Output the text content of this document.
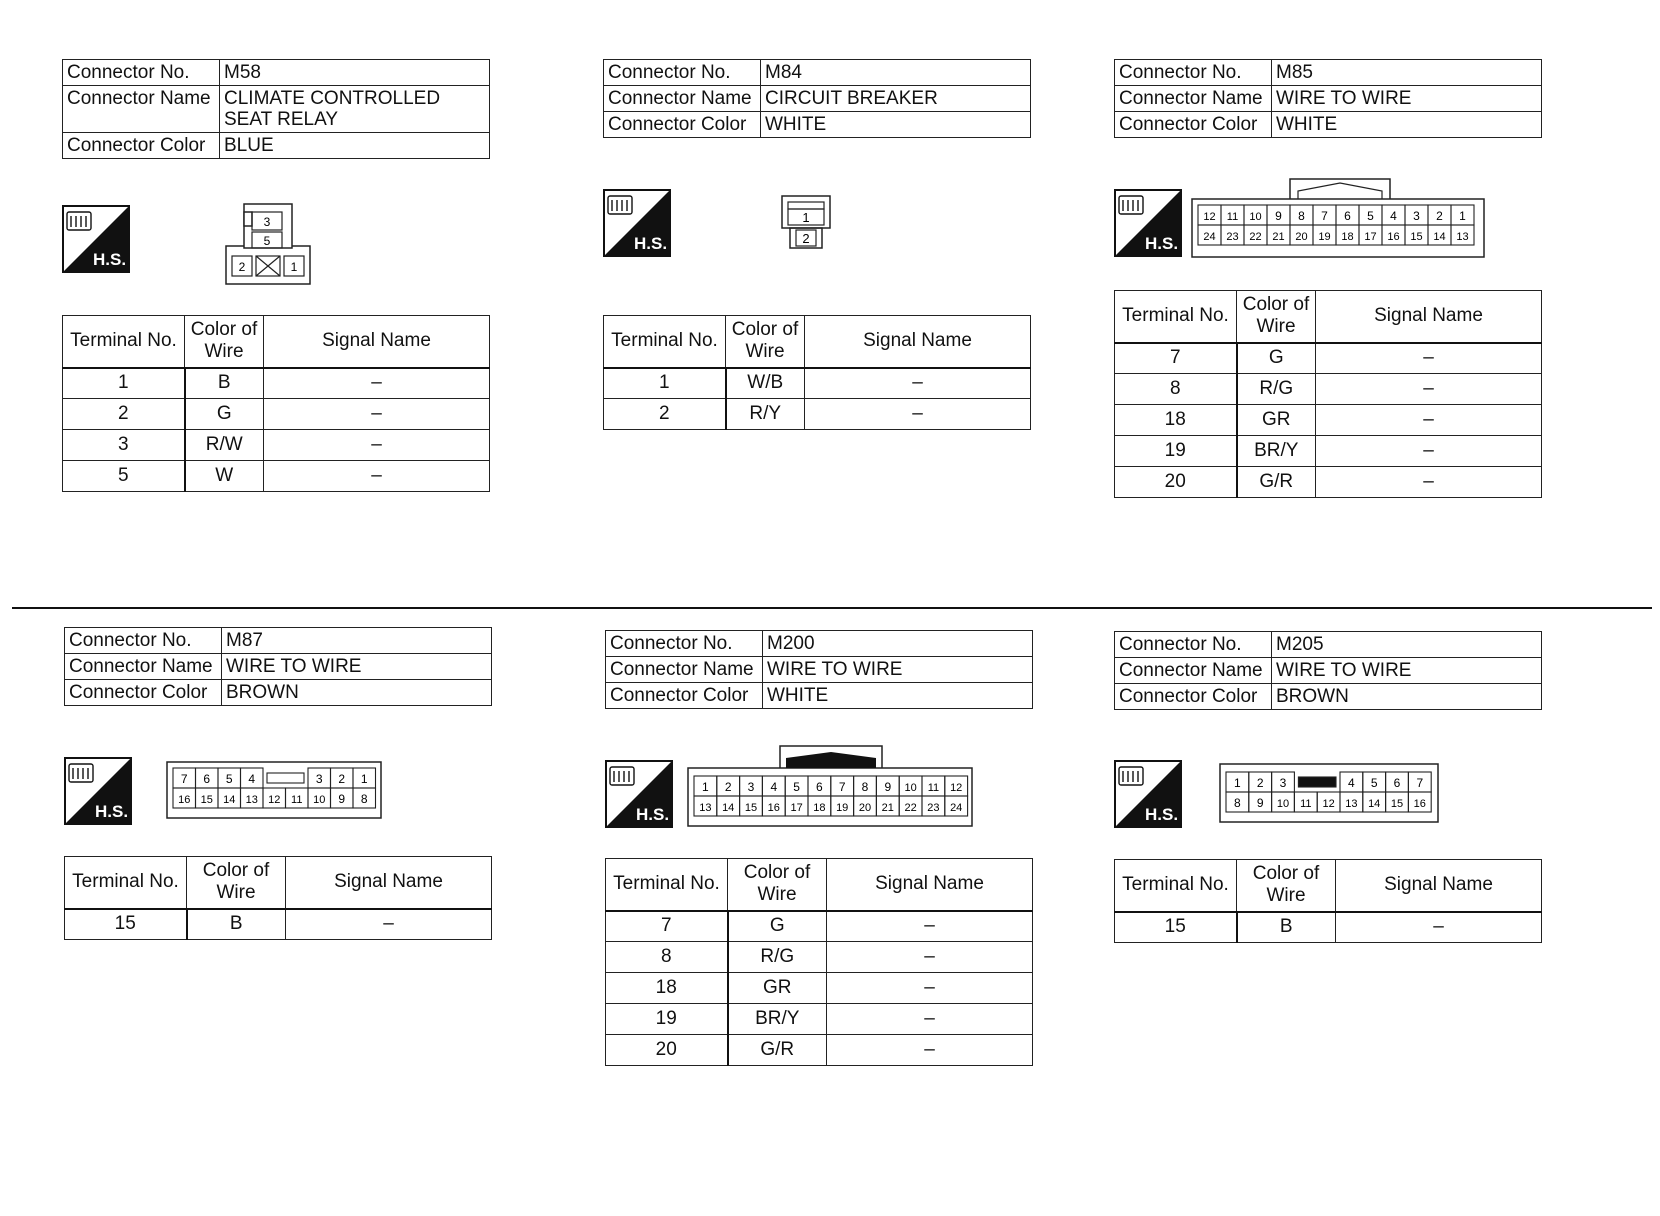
Connector No.	M58
Connector Name	CLIMATE CONTROLLED
SEAT RELAY
Connector Color	BLUE
H.S.
3
5
2	1
Terminal No.	Color of Wire	Signal Name
1	B	–
2	G	–
3	R/W	–
5	W	–
Connector No.	M84
Connector Name	CIRCUIT BREAKER
Connector Color	WHITE
H.S.
1
2
Terminal No.	Color of Wire	Signal Name
1	W/B	–
2	R/Y	–
Connector No.	M85
Connector Name	WIRE TO WIRE
Connector Color	WHITE
H.S.
12 11 10 9 8 7 6 5 4 3 2 1
24 23 22 21 20 19 18 17 16 15 14 13
Terminal No.	Color of Wire	Signal Name
7	G	–
8	R/G	–
18	GR	–
19	BR/Y	–
20	G/R	–
Connector No.	M87
Connector Name	WIRE TO WIRE
Connector Color	BROWN
H.S.
7 6 5 4	3 2 1
16 15 14 13 12 11 10 9 8
Terminal No.	Color of Wire	Signal Name
15	B	–
Connector No.	M200
Connector Name	WIRE TO WIRE
Connector Color	WHITE
H.S.
1 2 3 4 5 6 7 8 9 10 11 12
13 14 15 16 17 18 19 20 21 22 23 24
Terminal No.	Color of Wire	Signal Name
7	G	–
8	R/G	–
18	GR	–
19	BR/Y	–
20	G/R	–
Connector No.	M205
Connector Name	WIRE TO WIRE
Connector Color	BROWN
H.S.
1 2 3	4 5 6 7
8 9 10 11 12 13 14 15 16
Terminal No.	Color of Wire	Signal Name
15	B	–
